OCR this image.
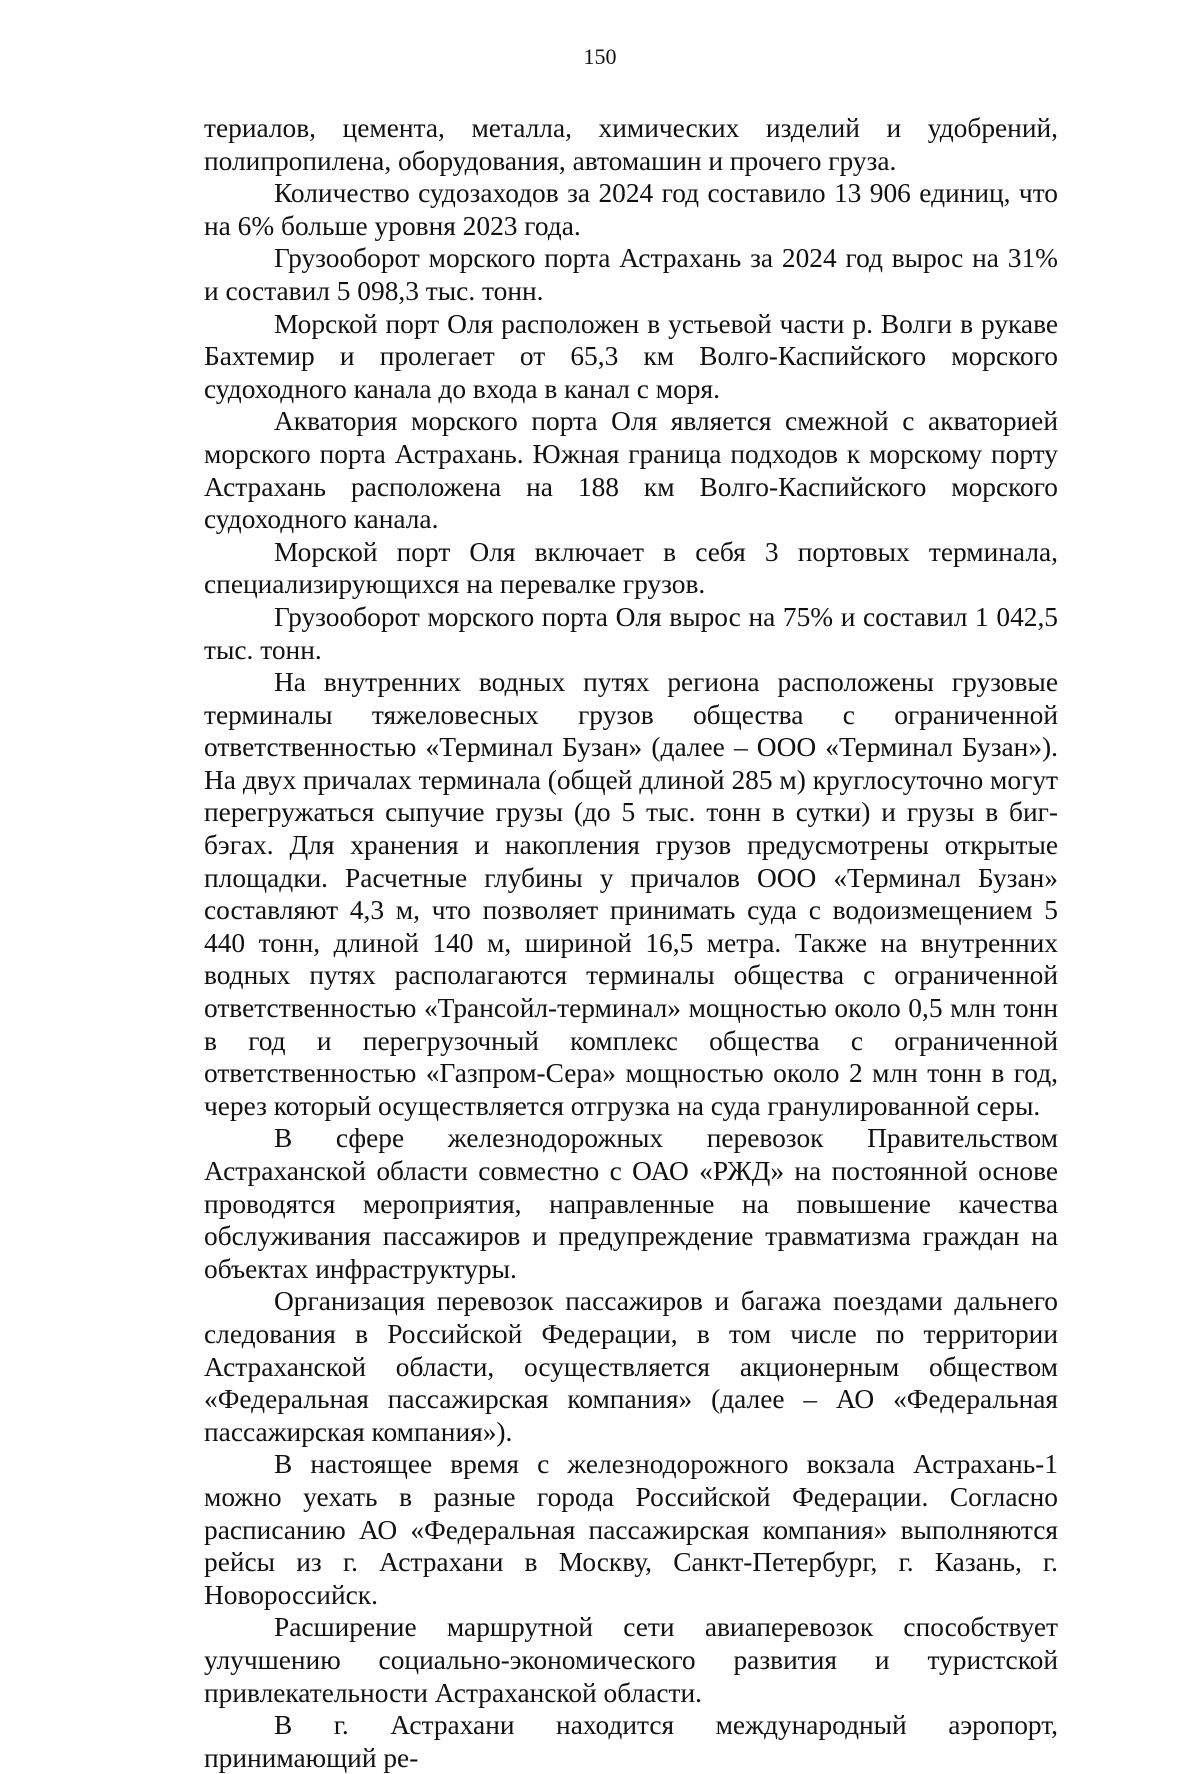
150

териалов, цемента, металла, химических изделий и удобрений, полипропилена, оборудования, автомашин и прочего груза.

Количество судозаходов за 2024 год составило 13 906 единиц, что на 6% больше уровня 2023 года.

Грузооборот морского порта Астрахань за 2024 год вырос на 31% и составил 5 098,3 тыс. тонн.

Морской порт Оля расположен в устьевой части р. Волги в рукаве Бахтемир и пролегает от 65,3 км Волго-Каспийского морского судоходного канала до входа в канал с моря.

Акватория морского порта Оля является смежной с акваторией морского порта Астрахань. Южная граница подходов к морскому порту Астрахань расположена на 188 км Волго-Каспийского морского судоходного канала.

Морской порт Оля включает в себя 3 портовых терминала, специализирующихся на перевалке грузов.

Грузооборот морского порта Оля вырос на 75% и составил 1 042,5 тыс. тонн.

На внутренних водных путях региона расположены грузовые терминалы тяжеловесных грузов общества с ограниченной ответственностью «Терминал Бузан» (далее – ООО «Терминал Бузан»). На двух причалах терминала (общей длиной 285 м) круглосуточно могут перегружаться сыпучие грузы (до 5 тыс. тонн в сутки) и грузы в биг-бэгах. Для хранения и накопления грузов предусмотрены открытые площадки. Расчетные глубины у причалов ООО «Терминал Бузан» составляют 4,3 м, что позволяет принимать суда с водоизмещением 5 440 тонн, длиной 140 м, шириной 16,5 метра. Также на внутренних водных путях располагаются терминалы общества с ограниченной ответственностью «Трансойл-терминал» мощностью около 0,5 млн тонн в год и перегрузочный комплекс общества с ограниченной ответственностью «Газпром-Сера» мощностью около 2 млн тонн в год, через который осуществляется отгрузка на суда гранулированной серы.

В сфере железнодорожных перевозок Правительством Астраханской области совместно с ОАО «РЖД» на постоянной основе проводятся мероприятия, направленные на повышение качества обслуживания пассажиров и предупреждение травматизма граждан на объектах инфраструктуры.

Организация перевозок пассажиров и багажа поездами дальнего следования в Российской Федерации, в том числе по территории Астраханской области, осуществляется акционерным обществом «Федеральная пассажирская компания» (далее – АО «Федеральная пассажирская компания»).

В настоящее время с железнодорожного вокзала Астрахань-1 можно уехать в разные города Российской Федерации. Согласно расписанию АО «Федеральная пассажирская компания» выполняются рейсы из г. Астрахани в Москву, Санкт-Петербург, г. Казань, г. Новороссийск.

Расширение маршрутной сети авиаперевозок способствует улучшению социально-экономического развития и туристской привлекательности Астраханской области.

В г. Астрахани находится международный аэропорт, принимающий ре-
